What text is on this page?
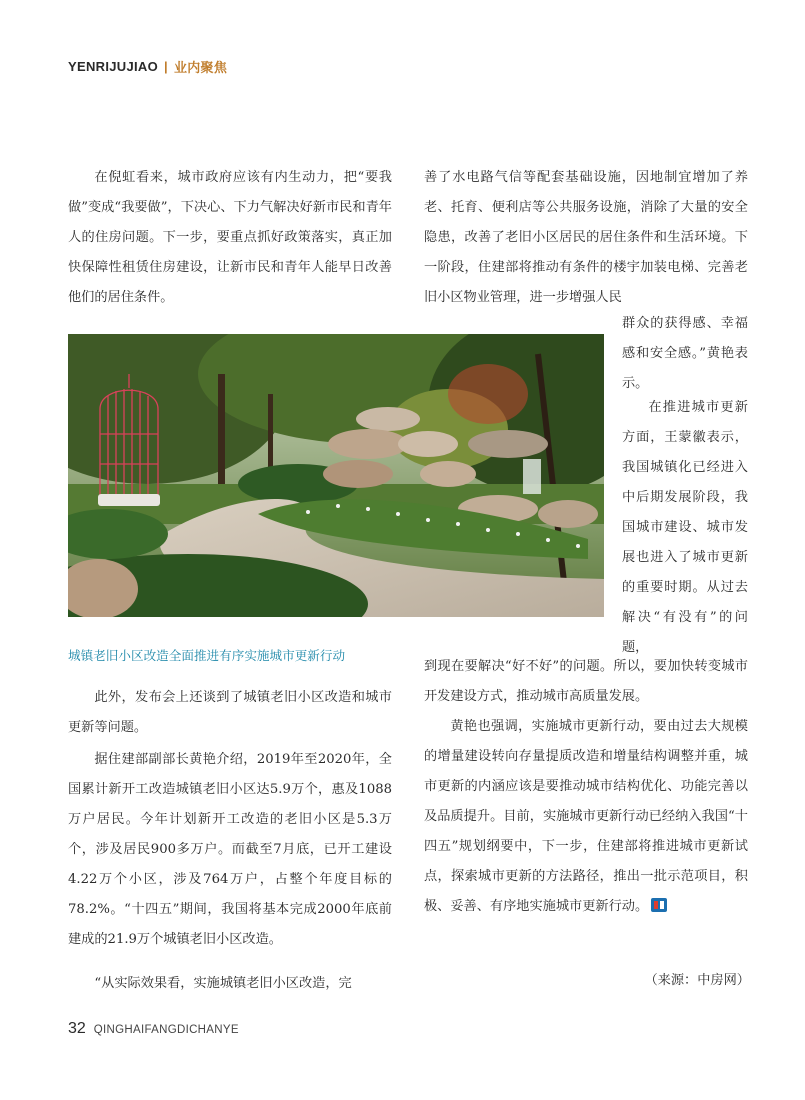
YENRIJUJIAO | 业内聚焦

在倪虹看来，城市政府应该有内生动力，把“要我做”变成“我要做”，下决心、下力气解决好新市民和青年人的住房问题。下一步，要重点抓好政策落实，真正加快保障性租赁住房建设，让新市民和青年人能早日改善他们的居住条件。

善了水电路气信等配套基础设施，因地制宜增加了养老、托育、便利店等公共服务设施，消除了大量的安全隐患，改善了老旧小区居民的居住条件和生活环境。下一阶段，住建部将推动有条件的楼宇加装电梯、完善老旧小区物业管理，进一步增强人民

群众的获得感、幸福感和安全感。”黄艳表示。

在推进城市更新方面，王蒙徽表示，我国城镇化已经进入中后期发展阶段，我国城市建设、城市发展也进入了城市更新的重要时期。从过去解决“有没有”的问题，

城镇老旧小区改造全面推进有序实施城市更新行动

到现在要解决“好不好”的问题。所以，要加快转变城市开发建设方式，推动城市高质量发展。

黄艳也强调，实施城市更新行动，要由过去大规模的增量建设转向存量提质改造和增量结构调整并重，城市更新的内涵应该是要推动城市结构优化、功能完善以及品质提升。目前，实施城市更新行动已经纳入我国“十四五”规划纲要中，下一步，住建部将推进城市更新试点，探索城市更新的方法路径，推出一批示范项目，积极、妥善、有序地实施城市更新行动。

此外，发布会上还谈到了城镇老旧小区改造和城市更新等问题。

据住建部副部长黄艳介绍，2019年至2020年，全国累计新开工改造城镇老旧小区达5.9万个，惠及1088万户居民。今年计划新开工改造的老旧小区是5.3万个，涉及居民900多万户。而截至7月底，已开工建设4.22万个小区，涉及764万户，占整个年度目标的78.2%。“十四五”期间，我国将基本完成2000年底前建成的21.9万个城镇老旧小区改造。

“从实际效果看，实施城镇老旧小区改造，完	（来源：中房网）
32 QINGHAIFANGDICHANYE
